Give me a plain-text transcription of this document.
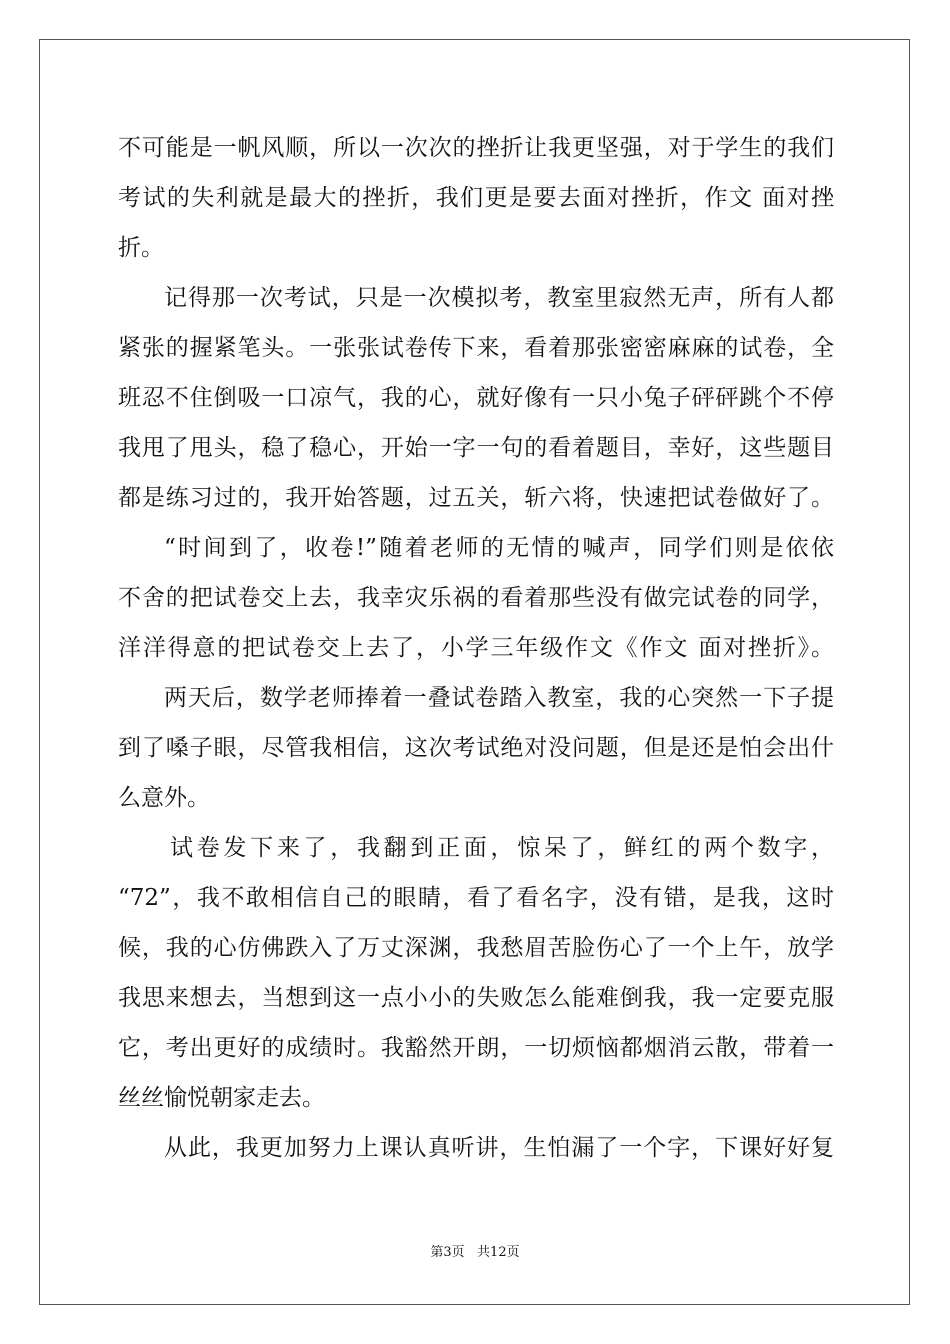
不可能是一帆风顺，所以一次次的挫折让我更坚强，对于学生的我们
考试的失利就是最大的挫折，我们更是要去面对挫折，作文 面对挫
折。
记得那一次考试，只是一次模拟考，教室里寂然无声，所有人都
紧张的握紧笔头。一张张试卷传下来，看着那张密密麻麻的试卷，全
班忍不住倒吸一口凉气，我的心，就好像有一只小兔子砰砰跳个不停
我甩了甩头，稳了稳心，开始一字一句的看着题目，幸好，这些题目
都是练习过的，我开始答题，过五关，斩六将，快速把试卷做好了。
“时间到了，收卷!”随着老师的无情的喊声，同学们则是依依
不舍的把试卷交上去，我幸灾乐祸的看着那些没有做完试卷的同学，
洋洋得意的把试卷交上去了，小学三年级作文《作文 面对挫折》。
两天后，数学老师捧着一叠试卷踏入教室，我的心突然一下子提
到了嗓子眼，尽管我相信，这次考试绝对没问题，但是还是怕会出什
么意外。
试卷发下来了，我翻到正面，惊呆了，鲜红的两个数字，
“72”，我不敢相信自己的眼睛，看了看名字，没有错，是我，这时
候，我的心仿佛跌入了万丈深渊，我愁眉苦脸伤心了一个上午，放学
我思来想去，当想到这一点小小的失败怎么能难倒我，我一定要克服
它，考出更好的成绩时。我豁然开朗，一切烦恼都烟消云散，带着一
丝丝愉悦朝家走去。
从此，我更加努力上课认真听讲，生怕漏了一个字，下课好好复
第3页   共12页
